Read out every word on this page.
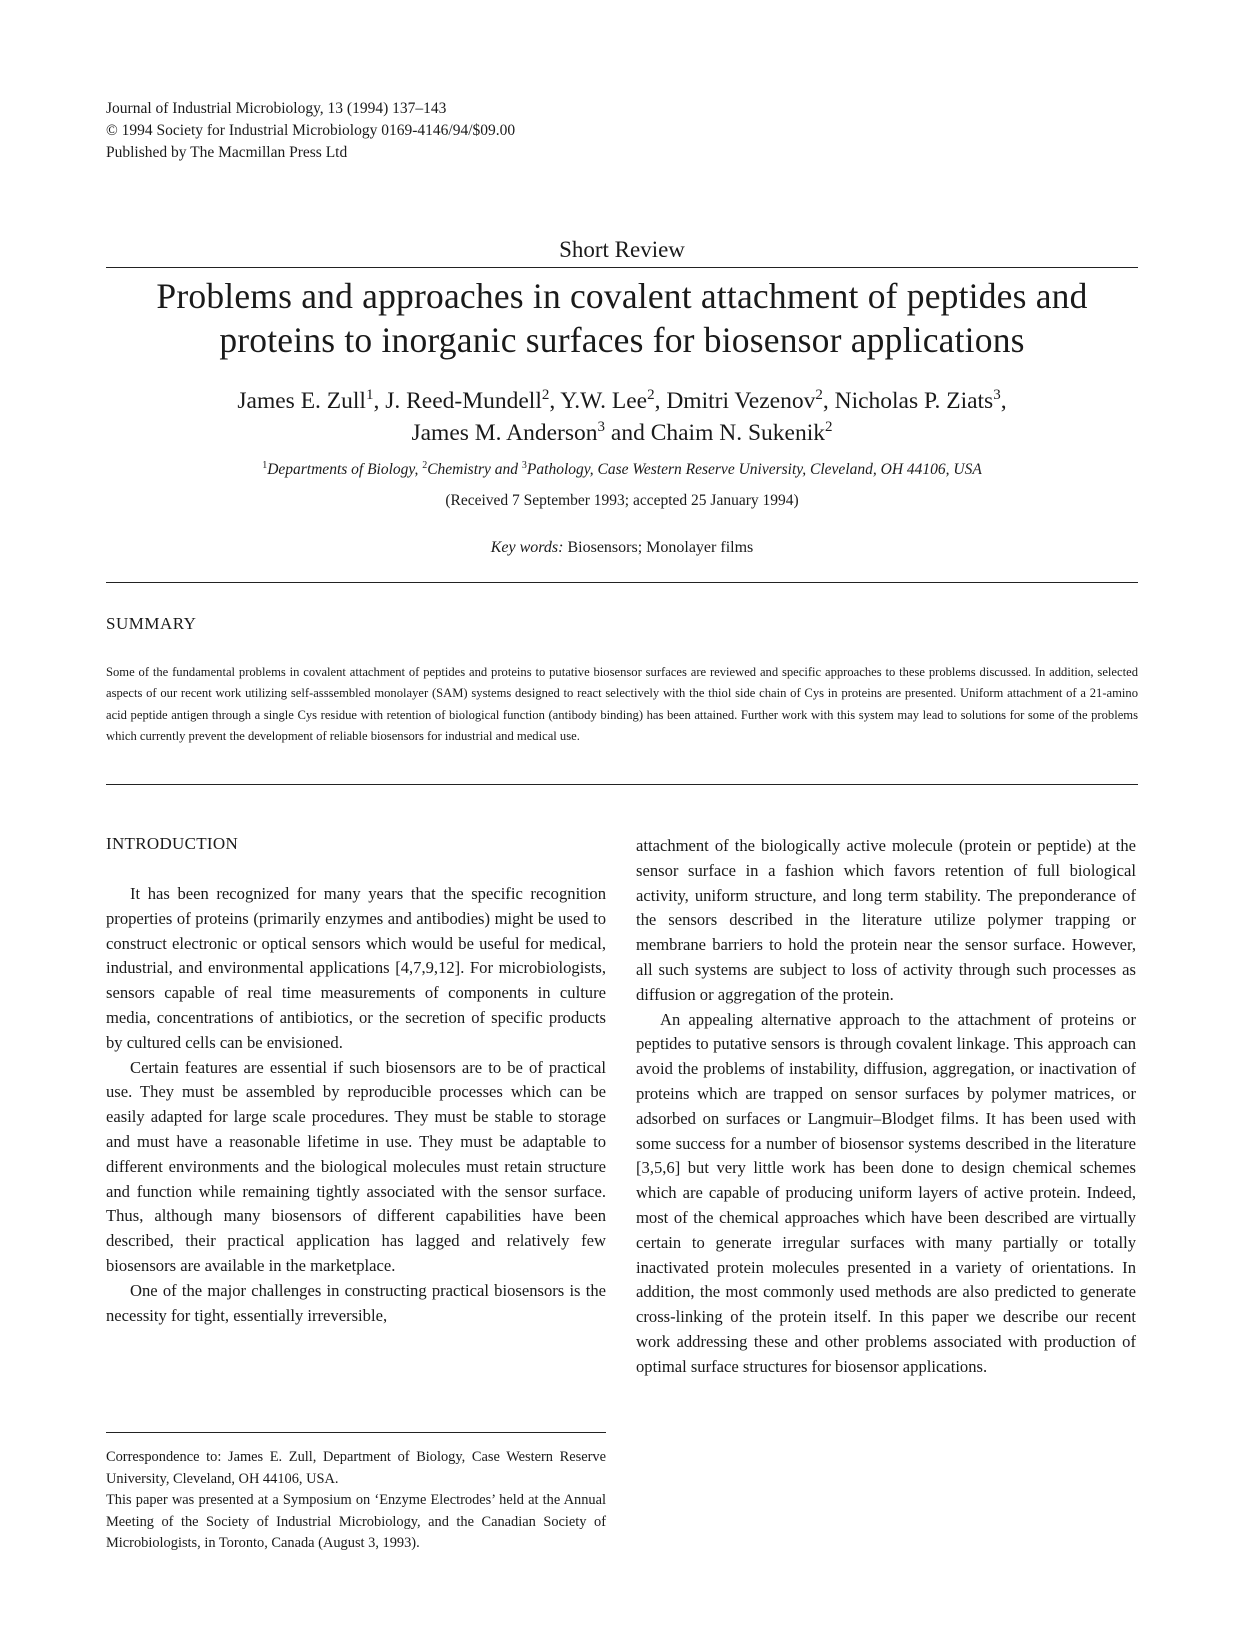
Journal of Industrial Microbiology, 13 (1994) 137–143
© 1994 Society for Industrial Microbiology 0169-4146/94/$09.00
Published by The Macmillan Press Ltd
Short Review
Problems and approaches in covalent attachment of peptides and
proteins to inorganic surfaces for biosensor applications
James E. Zull$^1$, J. Reed-Mundell$^2$, Y.W. Lee$^2$, Dmitri Vezenov$^2$, Nicholas P. Ziats$^3$,
James M. Anderson$^3$ and Chaim N. Sukenik$^2$
$^1$Departments of Biology, $^2$Chemistry and $^3$Pathology, Case Western Reserve University, Cleveland, OH 44106, USA
(Received 7 September 1993; accepted 25 January 1994)
Key words: Biosensors; Monolayer films
SUMMARY
Some of the fundamental problems in covalent attachment of peptides and proteins to putative biosensor surfaces are reviewed and specific approaches to these problems discussed. In addition, selected aspects of our recent work utilizing self-asssembled monolayer (SAM) systems designed to react selectively with the thiol side chain of Cys in proteins are presented. Uniform attachment of a 21-amino acid peptide antigen through a single Cys residue with retention of biological function (antibody binding) has been attained. Further work with this system may lead to solutions for some of the problems which currently prevent the development of reliable biosensors for industrial and medical use.
INTRODUCTION

It has been recognized for many years that the specific recognition properties of proteins (primarily enzymes and antibodies) might be used to construct electronic or optical sensors which would be useful for medical, industrial, and environmental applications [4,7,9,12]. For microbiologists, sensors capable of real time measurements of components in culture media, concentrations of antibiotics, or the secretion of specific products by cultured cells can be envisioned.

Certain features are essential if such biosensors are to be of practical use. They must be assembled by reproducible processes which can be easily adapted for large scale procedures. They must be stable to storage and must have a reasonable lifetime in use. They must be adaptable to different environments and the biological molecules must retain structure and function while remaining tightly associated with the sensor surface. Thus, although many biosensors of different capabilities have been described, their practical application has lagged and relatively few biosensors are available in the marketplace.

One of the major challenges in constructing practical biosensors is the necessity for tight, essentially irreversible,

attachment of the biologically active molecule (protein or peptide) at the sensor surface in a fashion which favors retention of full biological activity, uniform structure, and long term stability. The preponderance of the sensors described in the literature utilize polymer trapping or membrane barriers to hold the protein near the sensor surface. However, all such systems are subject to loss of activity through such processes as diffusion or aggregation of the protein.

An appealing alternative approach to the attachment of proteins or peptides to putative sensors is through covalent linkage. This approach can avoid the problems of instability, diffusion, aggregation, or inactivation of proteins which are trapped on sensor surfaces by polymer matrices, or adsorbed on surfaces or Langmuir–Blodget films. It has been used with some success for a number of biosensor systems described in the literature [3,5,6] but very little work has been done to design chemical schemes which are capable of producing uniform layers of active protein. Indeed, most of the chemical approaches which have been described are virtually certain to generate irregular surfaces with many partially or totally inactivated protein molecules presented in a variety of orientations. In addition, the most commonly used methods are also predicted to generate cross-linking of the protein itself. In this paper we describe our recent work addressing these and other problems associated with production of optimal surface structures for biosensor applications.

Correspondence to: James E. Zull, Department of Biology, Case Western Reserve University, Cleveland, OH 44106, USA.

This paper was presented at a Symposium on ‘Enzyme Electrodes’ held at the Annual Meeting of the Society of Industrial Microbiology, and the Canadian Society of Microbiologists, in Toronto, Canada (August 3, 1993).
